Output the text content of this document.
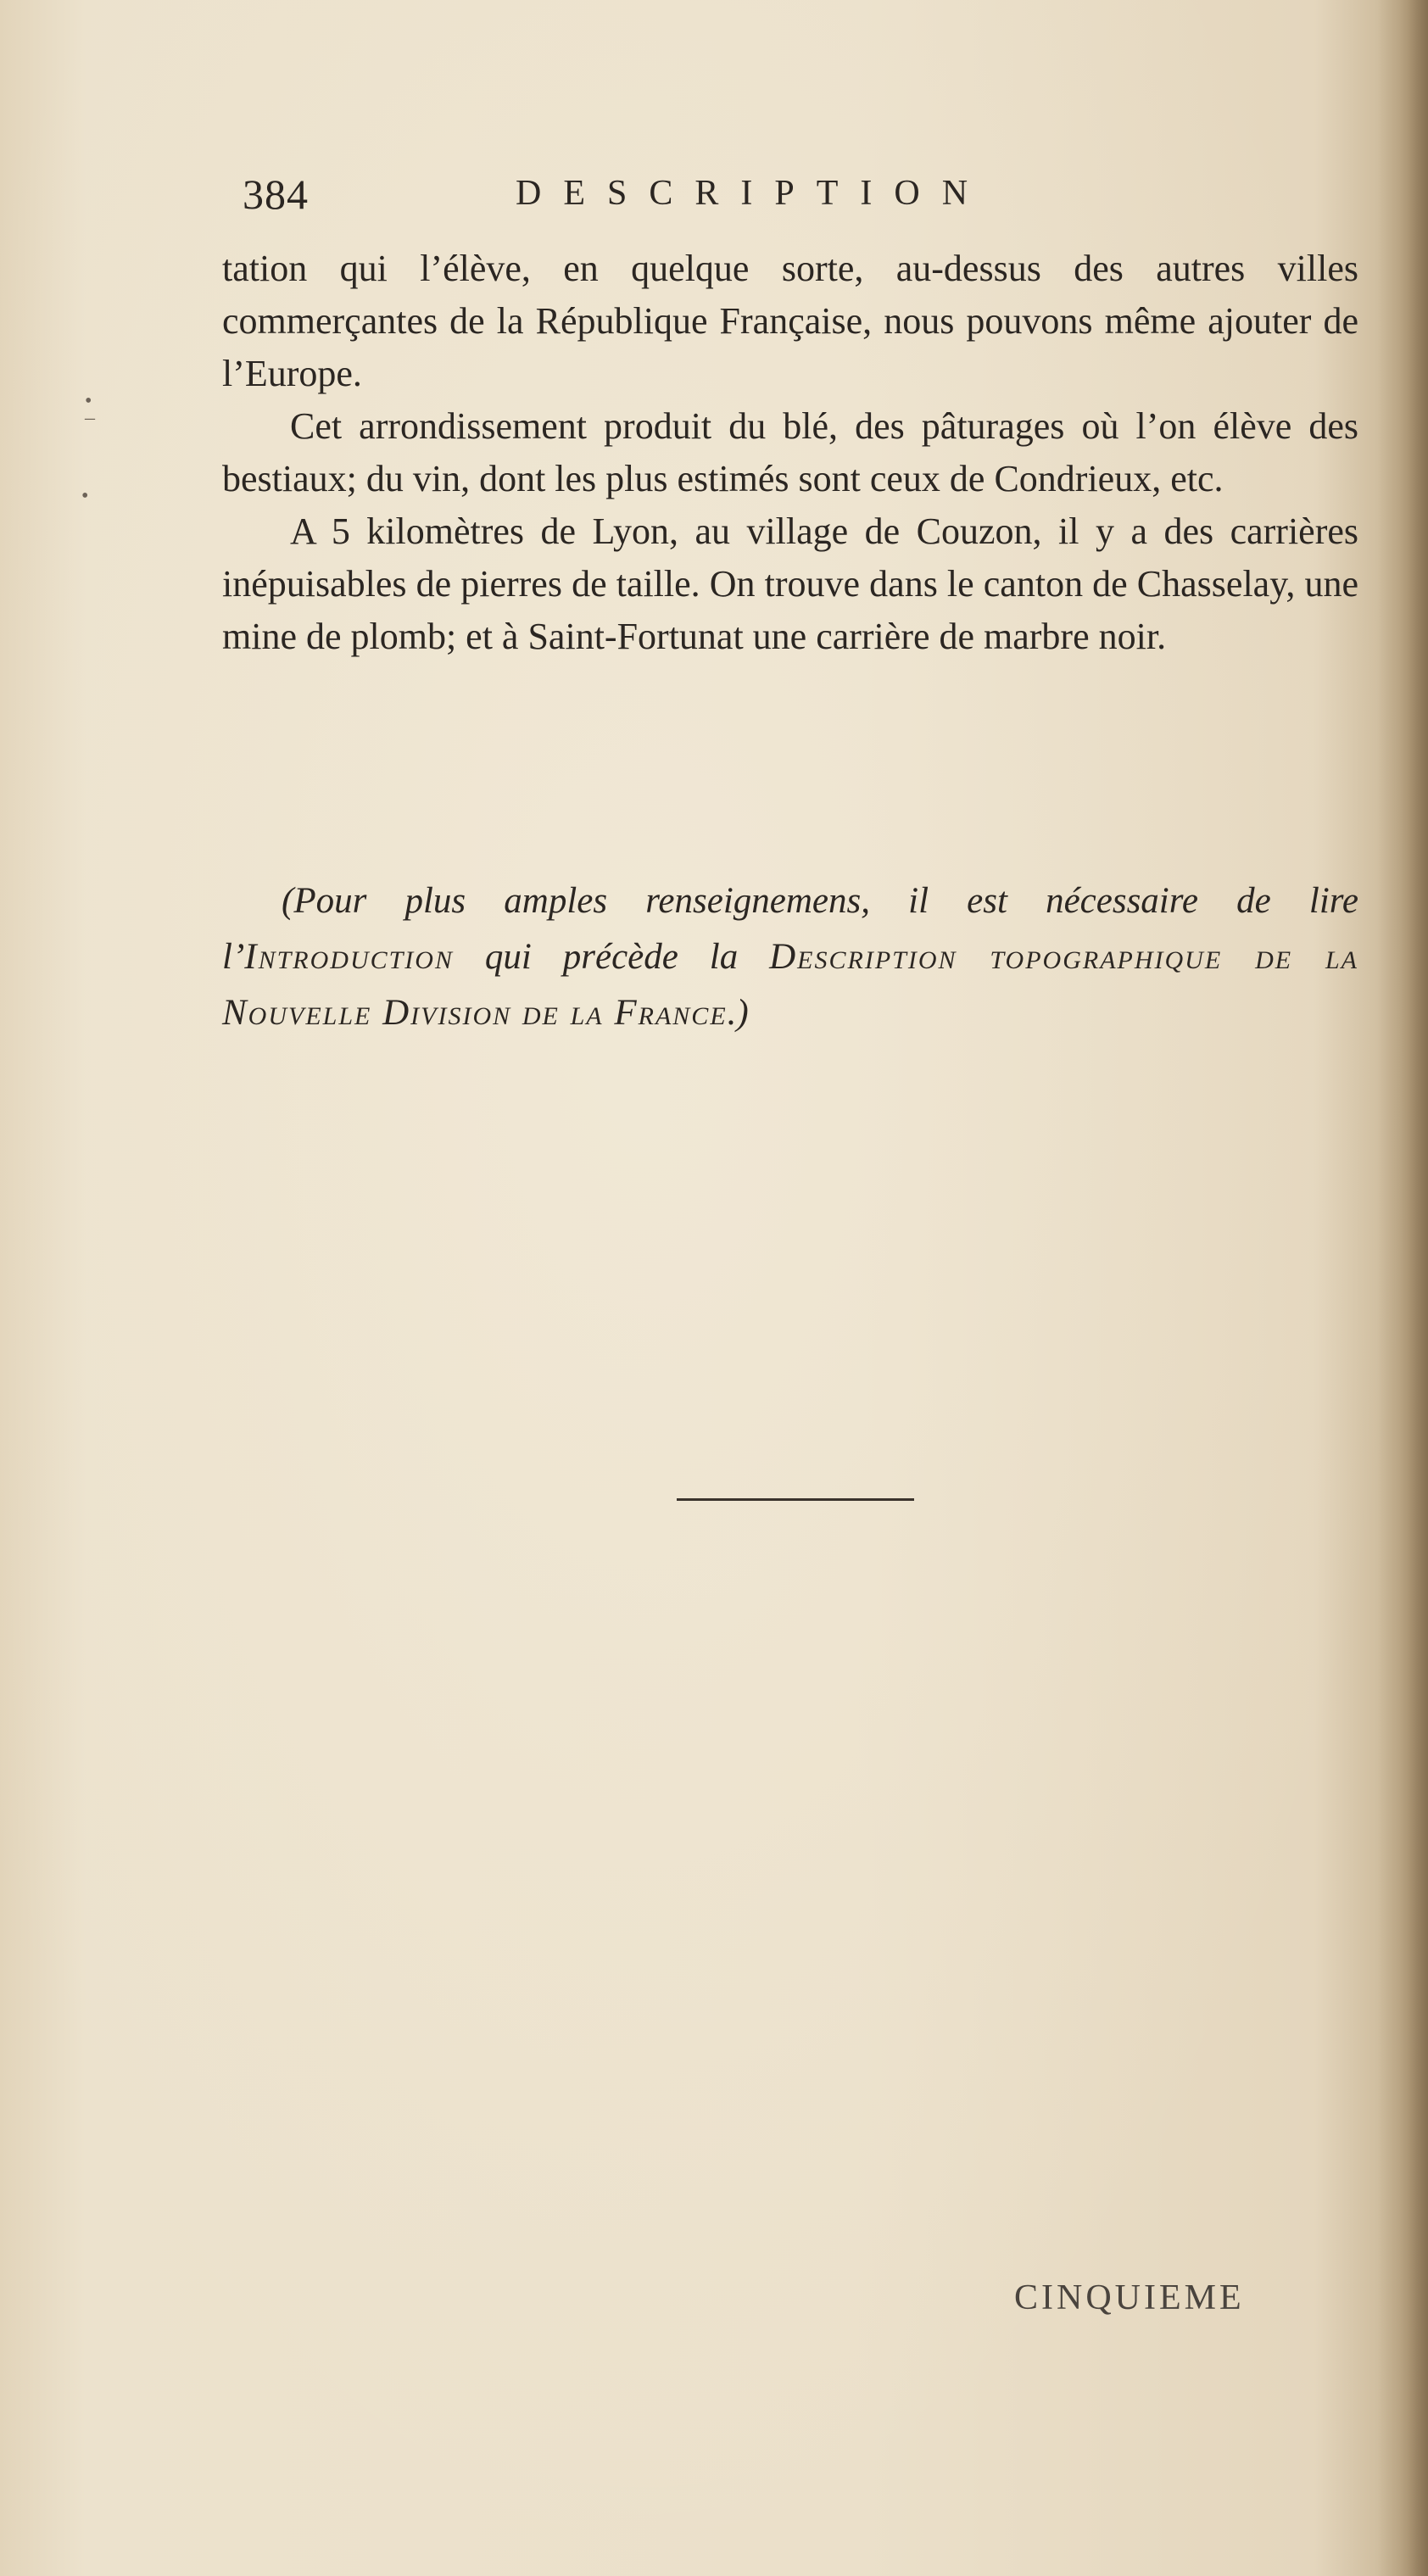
•
–
•
384	DESCRIPTION

tation qui l’élève, en quelque sorte, au-dessus des autres villes commerçantes de la République Française, nous pouvons même ajouter de l’Europe.

Cet arrondissement produit du blé, des pâturages où l’on élève des bestiaux; du vin, dont les plus estimés sont ceux de Condrieux, etc.

A 5 kilomètres de Lyon, au village de Couzon, il y a des carrières inépuisables de pierres de taille. On trouve dans le canton de Chasselay, une mine de plomb; et à Saint-Fortunat une carrière de marbre noir.

(Pour plus amples renseignemens, il est nécessaire de lire l’Introduction qui précède la Description topographique de la Nouvelle Division de la France.)
CINQUIEME
